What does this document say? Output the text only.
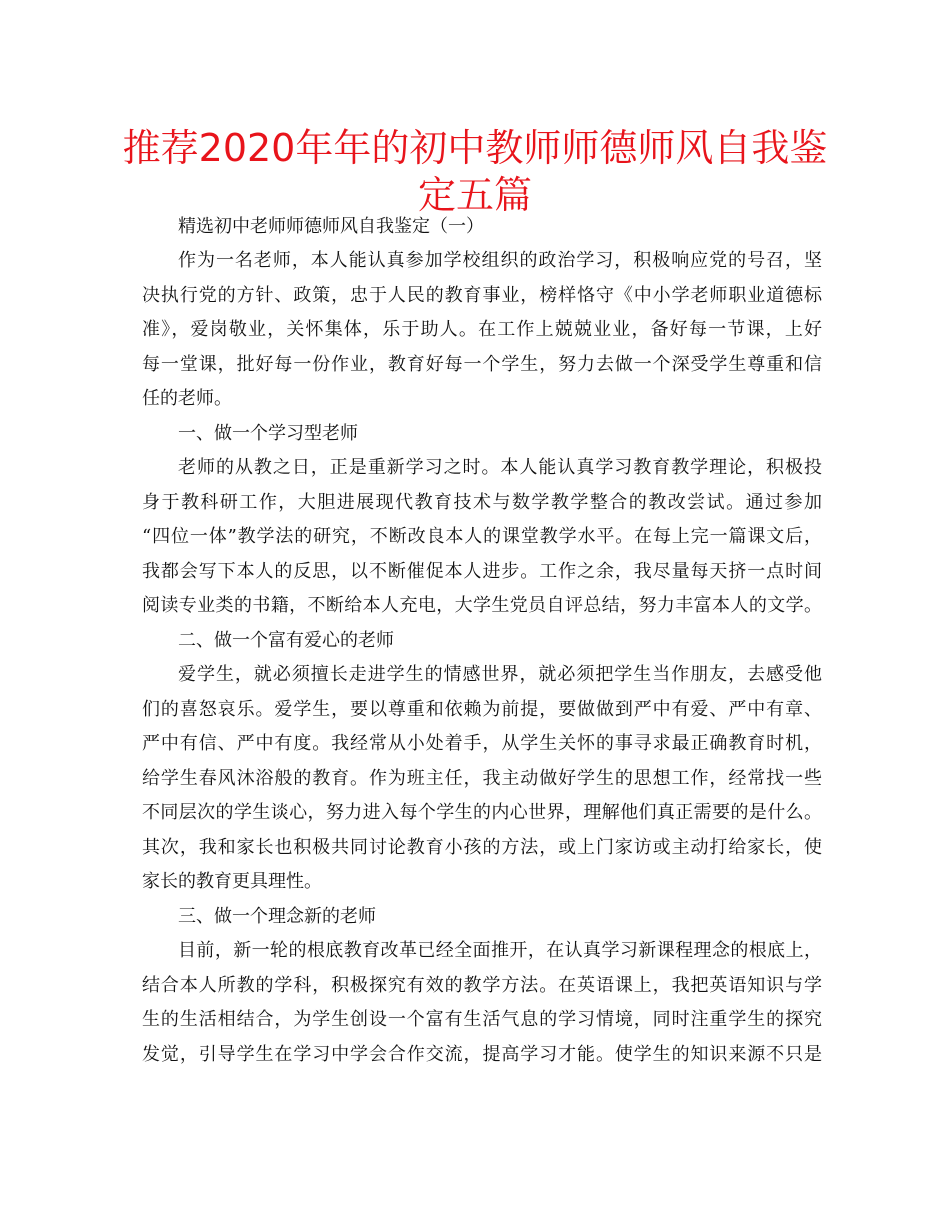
推荐2020年年的初中教师师德师风自我鉴
定五篇

精选初中老师师德师风自我鉴定（一）

作为一名老师，本人能认真参加学校组织的政治学习，积极响应党的号召，坚

决执行党的方针、政策，忠于人民的教育事业，榜样恪守《中小学老师职业道德标

准》，爱岗敬业，关怀集体，乐于助人。在工作上兢兢业业，备好每一节课，上好

每一堂课，批好每一份作业，教育好每一个学生，努力去做一个深受学生尊重和信

任的老师。

一、做一个学习型老师

老师的从教之日，正是重新学习之时。本人能认真学习教育教学理论，积极投

身于教科研工作，大胆进展现代教育技术与数学教学整合的教改尝试。通过参加

“四位一体”教学法的研究，不断改良本人的课堂教学水平。在每上完一篇课文后，

我都会写下本人的反思，以不断催促本人进步。工作之余，我尽量每天挤一点时间

阅读专业类的书籍，不断给本人充电，大学生党员自评总结，努力丰富本人的文学。

二、做一个富有爱心的老师

爱学生，就必须擅长走进学生的情感世界，就必须把学生当作朋友，去感受他

们的喜怒哀乐。爱学生，要以尊重和依赖为前提，要做做到严中有爱、严中有章、

严中有信、严中有度。我经常从小处着手，从学生关怀的事寻求最正确教育时机，

给学生春风沐浴般的教育。作为班主任，我主动做好学生的思想工作，经常找一些

不同层次的学生谈心，努力进入每个学生的内心世界，理解他们真正需要的是什么。

其次，我和家长也积极共同讨论教育小孩的方法，或上门家访或主动打给家长，使

家长的教育更具理性。

三、做一个理念新的老师

目前，新一轮的根底教育改革已经全面推开，在认真学习新课程理念的根底上，

结合本人所教的学科，积极探究有效的教学方法。在英语课上，我把英语知识与学

生的生活相结合，为学生创设一个富有生活气息的学习情境，同时注重学生的探究

发觉，引导学生在学习中学会合作交流，提高学习才能。使学生的知识来源不只是
